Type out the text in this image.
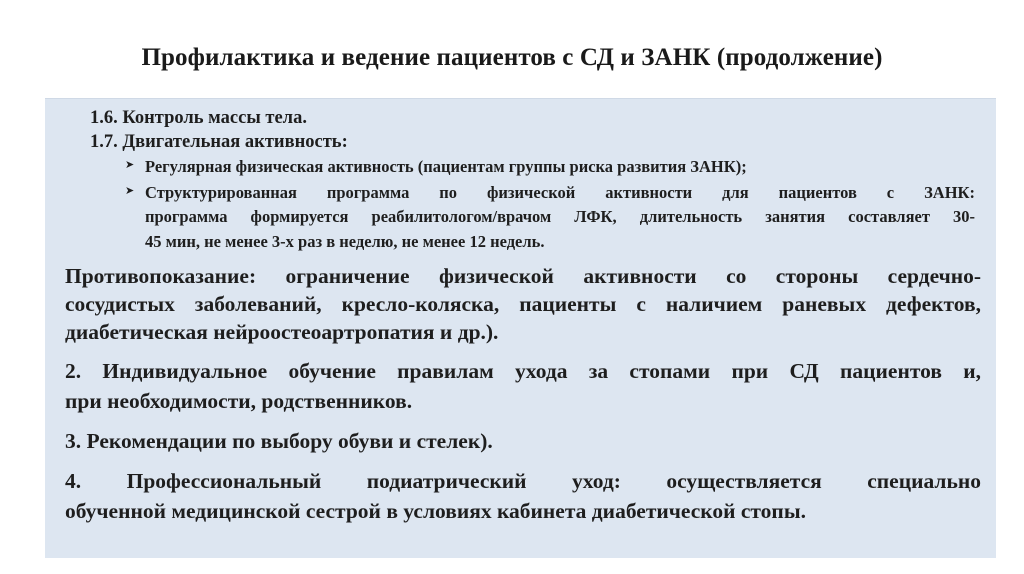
Профилактика и ведение пациентов с СД и ЗАНК (продолжение)
1.6. Контроль массы тела.
1.7. Двигательная активность:
➤ Регулярная физическая активность (пациентам группы риска развития ЗАНК);
➤ Структурированная программа по физической активности для пациентов с ЗАНК:
программа формируется реабилитологом/врачом ЛФК, длительность занятия составляет 30-
45 мин, не менее 3-х раз в неделю, не менее 12 недель.
Противопоказание: ограничение физической активности со стороны сердечно-
сосудистых заболеваний, кресло-коляска, пациенты с наличием раневых дефектов,
диабетическая нейроостеоартропатия и др.).
2. Индивидуальное обучение правилам ухода за стопами при СД пациентов и,
при необходимости, родственников.
3. Рекомендации по выбору обуви и стелек).
4. Профессиональный подиатрический уход: осуществляется специально
обученной медицинской сестрой в условиях кабинета диабетической стопы.
